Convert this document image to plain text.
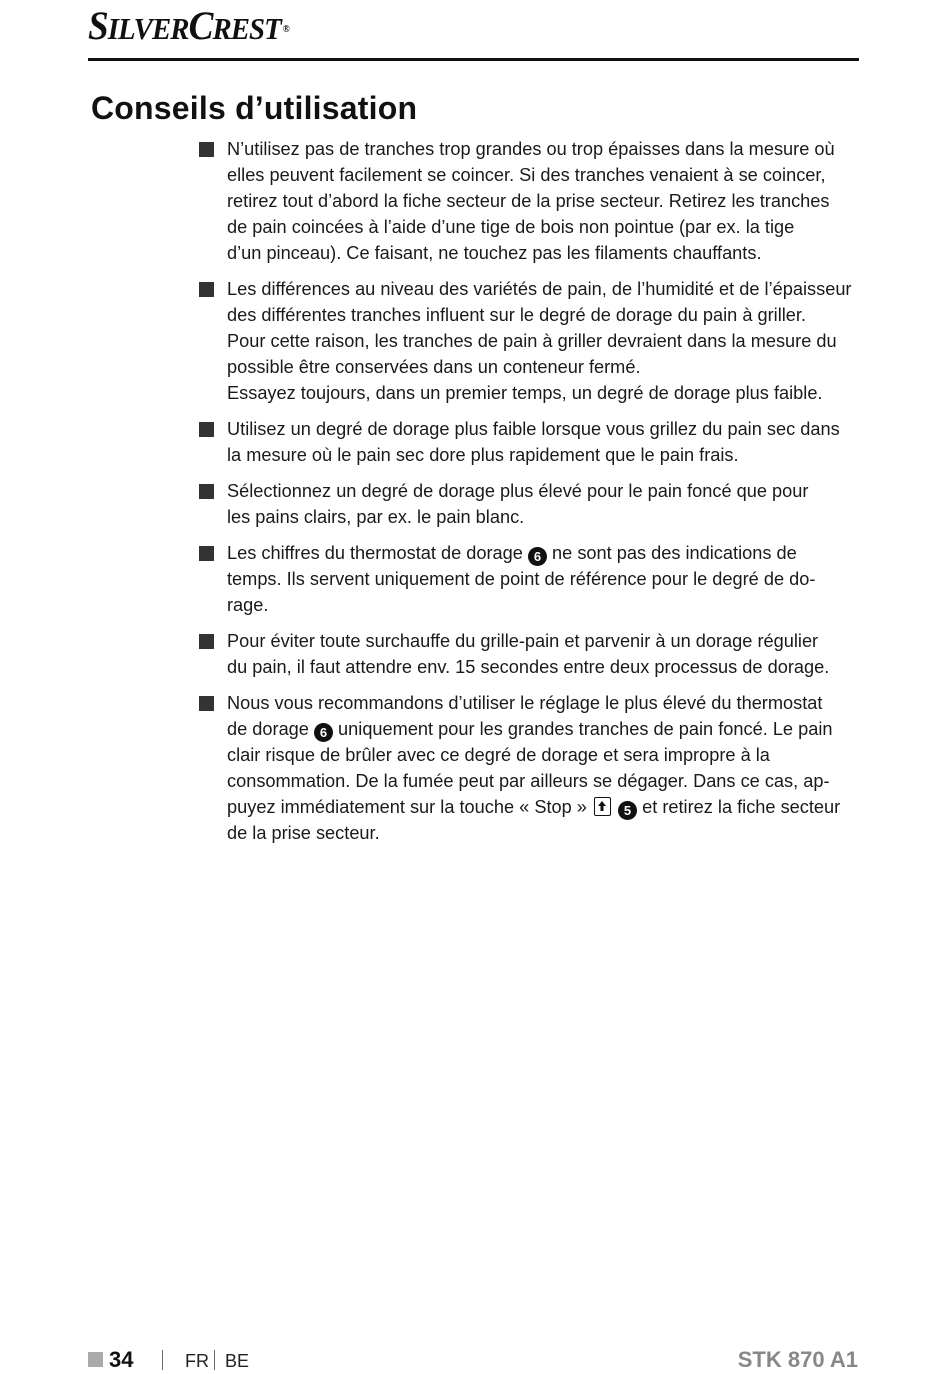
SILVERCREST ®
Conseils d’utilisation
N’utilisez pas de tranches trop grandes ou trop épaisses dans la mesure où
elles peuvent facilement se coincer. Si des tranches venaient à se coincer,
retirez tout d’abord la fiche secteur de la prise secteur. Retirez les tranches
de pain coincées à l’aide d’une tige de bois non pointue (par ex. la tige
d’un pinceau). Ce faisant, ne touchez pas les filaments chauffants.
Les différences au niveau des variétés de pain, de l’humidité et de l’épaisseur
des différentes tranches influent sur le degré de dorage du pain à griller.
Pour cette raison, les tranches de pain à griller devraient dans la mesure du
possible être conservées dans un conteneur fermé.
Essayez toujours, dans un premier temps, un degré de dorage plus faible.
Utilisez un degré de dorage plus faible lorsque vous grillez du pain sec dans
la mesure où le pain sec dore plus rapidement que le pain frais.
Sélectionnez un degré de dorage plus élevé pour le pain foncé que pour
les pains clairs, par ex. le pain blanc.
Les chiffres du thermostat de dorage 6 ne sont pas des indications de
temps. Ils servent uniquement de point de référence pour le degré de do-
rage.
Pour éviter toute surchauffe du grille-pain et parvenir à un dorage régulier
du pain, il faut attendre env. 15 secondes entre deux processus de dorage.
Nous vous recommandons d’utiliser le réglage le plus élevé du thermostat
de dorage 6 uniquement pour les grandes tranches de pain foncé. Le pain
clair risque de brûler avec ce degré de dorage et sera impropre à la
consommation. De la fumée peut par ailleurs se dégager. Dans ce cas, ap-
puyez immédiatement sur la touche « Stop »	5 et retirez la fiche secteur
de la prise secteur.
34	FR BE	STK 870 A1
